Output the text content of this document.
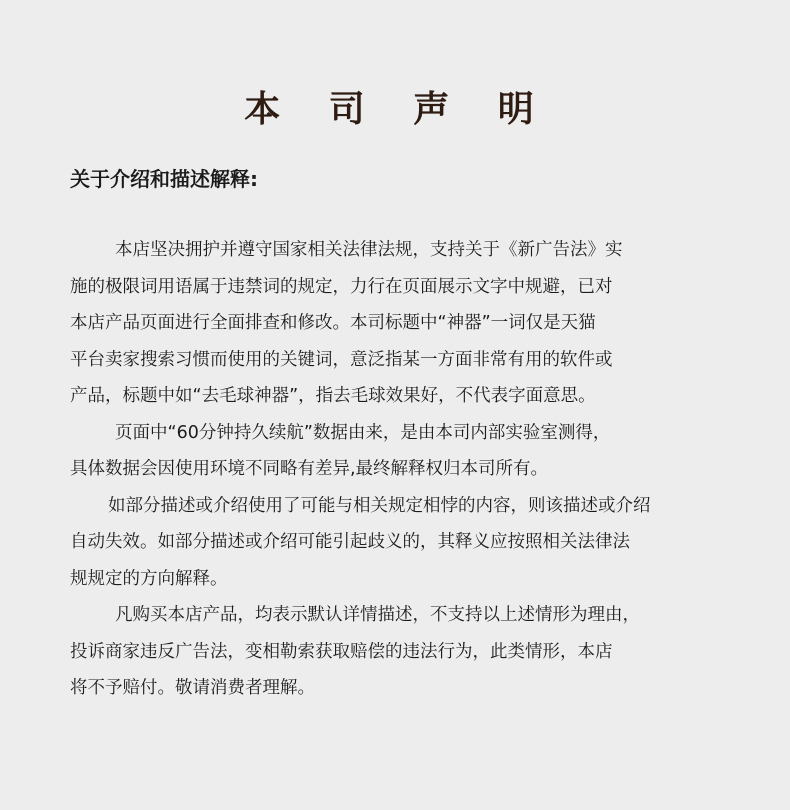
本 司 声 明
关于介绍和描述解释:
本店坚决拥护并遵守国家相关法律法规，支持关于《新广告法》实
施的极限词用语属于违禁词的规定，力行在页面展示文字中规避，已对
本店产品页面进行全面排查和修改。本司标题中“神器”一词仅是天猫
平台卖家搜索习惯而使用的关键词，意泛指某一方面非常有用的软件或
产品，标题中如“去毛球神器”，指去毛球效果好，不代表字面意思。
页面中“60分钟持久续航”数据由来，是由本司内部实验室测得，
具体数据会因使用环境不同略有差异,最终解释权归本司所有。
如部分描述或介绍使用了可能与相关规定相悖的内容，则该描述或介绍
自动失效。如部分描述或介绍可能引起歧义的，其释义应按照相关法律法
规规定的方向解释。
凡购买本店产品，均表示默认详情描述，不支持以上述情形为理由，
投诉商家违反广告法，变相勒索获取赔偿的违法行为，此类情形，本店
将不予赔付。敬请消费者理解。
